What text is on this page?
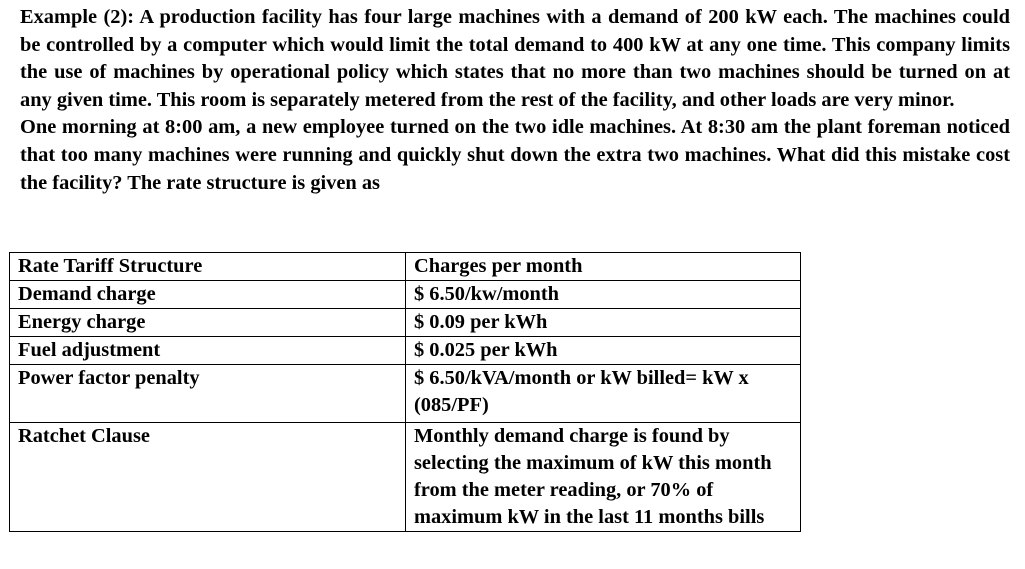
Example (2): A production facility has four large machines with a demand of 200 kW each. The machines could be controlled by a computer which would limit the total demand to 400 kW at any one time. This company limits the use of machines by operational policy which states that no more than two machines should be turned on at any given time. This room is separately metered from the rest of the facility, and other loads are very minor.

One morning at 8:00 am, a new employee turned on the two idle machines. At 8:30 am the plant foreman noticed that too many machines were running and quickly shut down the extra two machines. What did this mistake cost the facility? The rate structure is given as

Rate Tariff Structure	Charges per month
Demand charge	$ 6.50/kw/month
Energy charge	$ 0.09 per kWh
Fuel adjustment	$ 0.025 per kWh
Power factor penalty	$ 6.50/kVA/month or kW billed= kW x (085/PF)
Ratchet Clause	Monthly demand charge is found by selecting the maximum of kW this month from the meter reading, or 70% of maximum kW in the last 11 months bills
